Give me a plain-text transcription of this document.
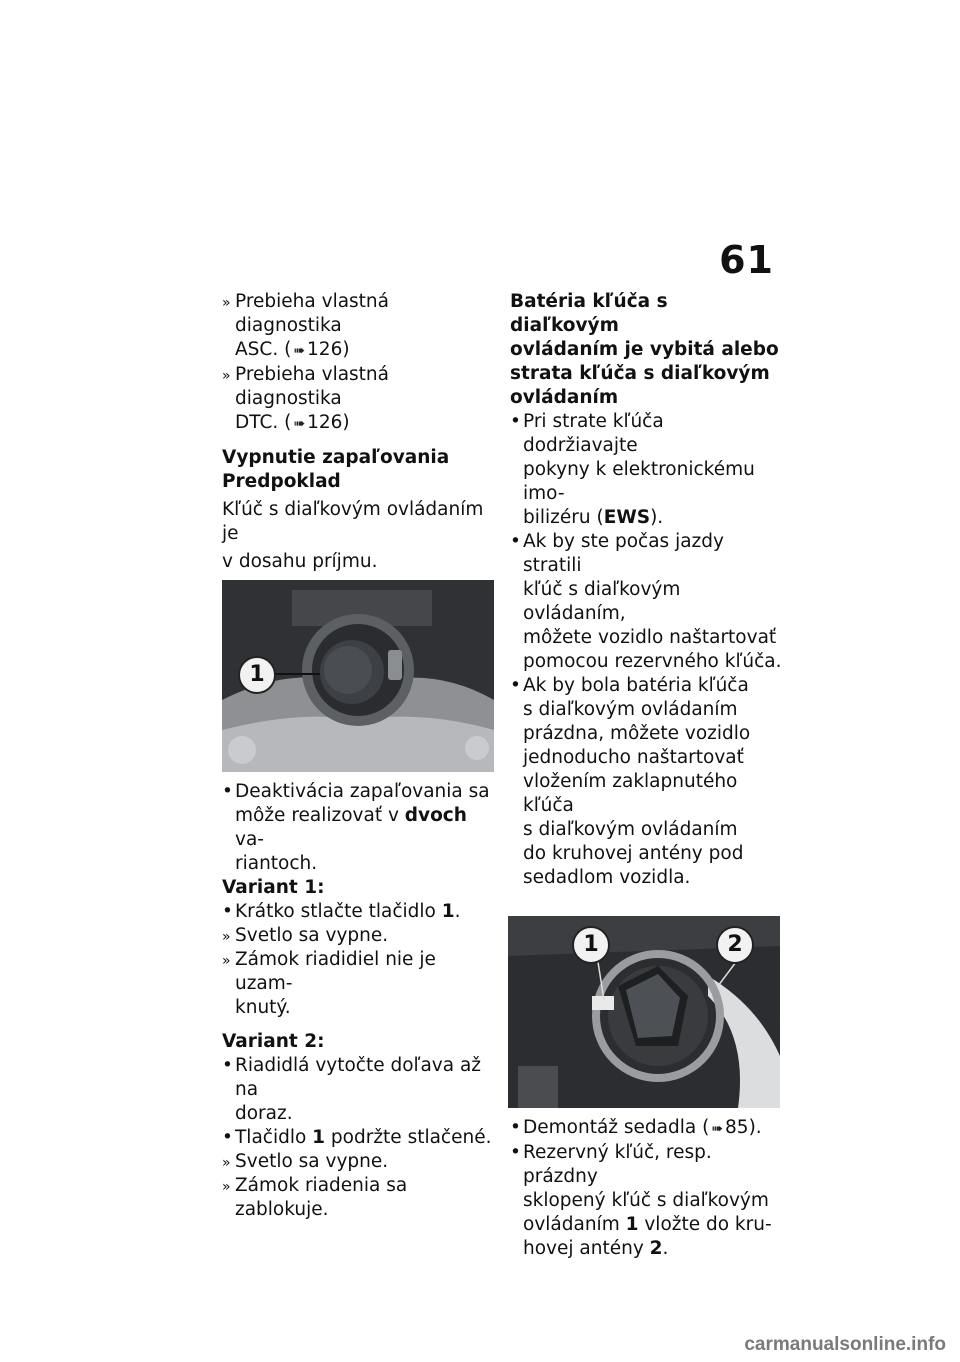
61
» Prebieha vlastná diagnostika
ASC. ( ➠ 126)
» Prebieha vlastná diagnostika
DTC. ( ➠ 126)

Vypnutie zapaľovania

Predpoklad

Kľúč s diaľkovým ovládaním je

v dosahu príjmu.

1
• Deaktivácia zapaľovania sa
môže realizovať v dvoch va-
riantoch.

Variant 1:

• Krátko stlačte tlačidlo 1.
» Svetlo sa vypne.
» Zámok riadidiel nie je uzam-
knutý.

Variant 2:

• Riadidlá vytočte doľava až na
doraz.
• Tlačidlo 1 podržte stlačené.
» Svetlo sa vypne.
» Zámok riadenia sa zablokuje.

Batéria kľúča s diaľkovým

ovládaním je vybitá alebo

strata kľúča s diaľkovým

ovládaním

• Pri strate kľúča dodržiavajte
pokyny k elektronickému imo-
bilizéru (EWS).
• Ak by ste počas jazdy stratili
kľúč s diaľkovým ovládaním,
môžete vozidlo naštartovať
pomocou rezervného kľúča.
• Ak by bola batéria kľúča
s diaľkovým ovládaním
prázdna, môžete vozidlo
jednoducho naštartovať
vložením zaklapnutého kľúča
s diaľkovým ovládaním
do kruhovej antény pod
sedadlom vozidla.
1	2
• Demontáž sedadla ( ➠ 85).
• Rezervný kľúč, resp. prázdny
sklopený kľúč s diaľkovým
ovládaním 1 vložte do kru-
hovej antény 2.
carmanualsonline.info
